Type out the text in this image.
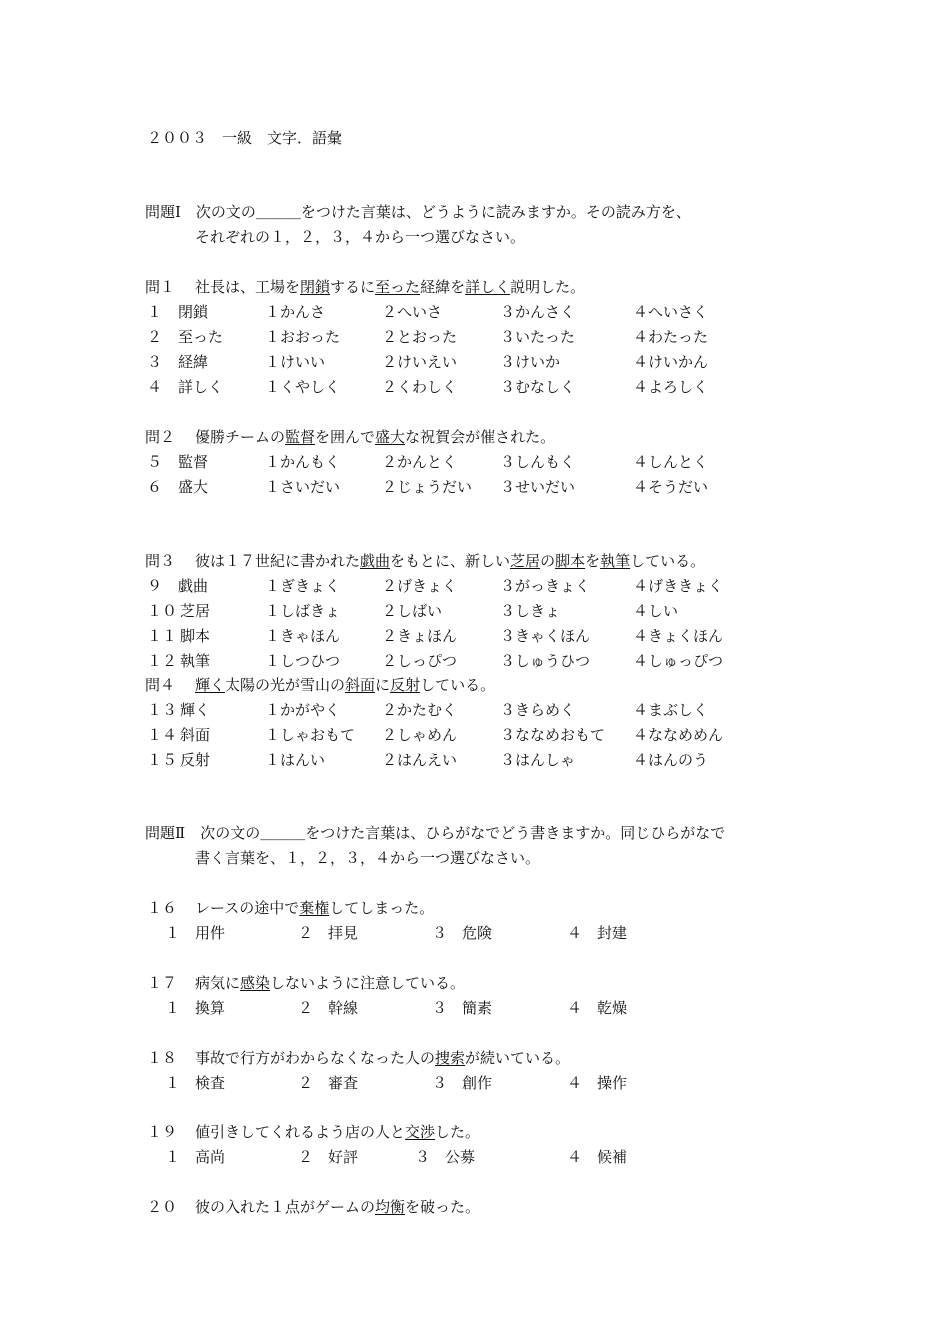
２００３　一級　文字．語彙
問題Ⅰ　次の文の＿＿＿をつけた言葉は、どうように読みますか。その読み方を、
それぞれの１，２，３，４から一つ選びなさい。
問１ 社長は、工場を閉鎖するに至った経緯を詳しく説明した。
１ 閉鎖	１かんさ	２へいさ	３かんさく	４へいさく
２ 至った	１おおった	２とおった	３いたった	４わたった
３ 経緯	１けいい	２けいえい	３けいか	４けいかん
４ 詳しく	１くやしく	２くわしく	３むなしく	４よろしく
問２ 優勝チームの監督を囲んで盛大な祝賀会が催された。
５ 監督	１かんもく	２かんとく	３しんもく	４しんとく
６ 盛大	１さいだい	２じょうだい ３せいだい	４そうだい
問３ 彼は１７世紀に書かれた戯曲をもとに、新しい芝居の脚本を執筆している。
９ 戯曲	１ぎきょく	２げきょく	３がっきょく	４げききょく
１０ 芝居	１しばきょ	２しばい	３しきょ	４しい
１１ 脚本	１きゃほん	２きょほん	３きゃくほん	４きょくほん
１２ 執筆	１しつひつ	２しっぴつ	３しゅうひつ	４しゅっぴつ
問４ 輝く太陽の光が雪山の斜面に反射している。
１３ 輝く	１かがやく	２かたむく	３きらめく	４まぶしく
１４ 斜面	１しゃおもて ２しゃめん	３ななめおもて ４ななめめん
１５ 反射	１はんい	２はんえい	３はんしゃ	４はんのう
問題Ⅱ　次の文の＿＿＿をつけた言葉は、ひらがなでどう書きますか。同じひらがなで
書く言葉を、１，２，３，４から一つ選びなさい。
１６ レースの途中で棄権してしまった。
１　用件	２　拝見	３　危険	４　封建
１７ 病気に感染しないように注意している。
１　換算	２　幹線	３　簡素	４　乾燥
１８ 事故で行方がわからなくなった人の捜索が続いている。
１　検査	２　審査	３　創作	４　操作
１９ 値引きしてくれるよう店の人と交渉した。
１　高尚	２　好評	３　公募	４　候補
２０ 彼の入れた１点がゲームの均衡を破った。
